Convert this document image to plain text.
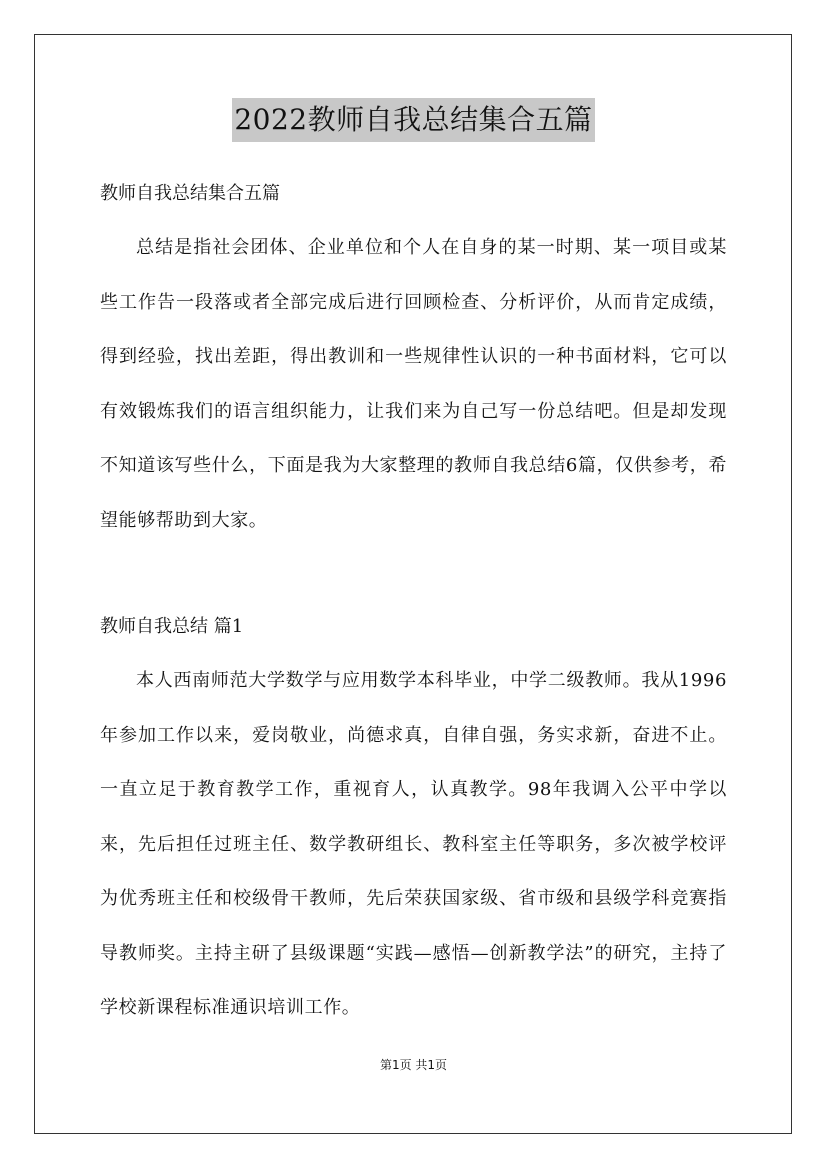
2022教师自我总结集合五篇
教师自我总结集合五篇

总结是指社会团体、企业单位和个人在自身的某一时期、某一项目或某些工作告一段落或者全部完成后进行回顾检查、分析评价，从而肯定成绩，得到经验，找出差距，得出教训和一些规律性认识的一种书面材料，它可以有效锻炼我们的语言组织能力，让我们来为自己写一份总结吧。但是却发现不知道该写些什么，下面是我为大家整理的教师自我总结6篇，仅供参考，希望能够帮助到大家。

教师自我总结 篇1

本人西南师范大学数学与应用数学本科毕业，中学二级教师。我从1996年参加工作以来，爱岗敬业，尚德求真，自律自强，务实求新，奋进不止。一直立足于教育教学工作，重视育人，认真教学。98年我调入公平中学以来，先后担任过班主任、数学教研组长、教科室主任等职务，多次被学校评为优秀班主任和校级骨干教师，先后荣获国家级、省市级和县级学科竞赛指导教师奖。主持主研了县级课题“实践—感悟—创新教学法”的研究，主持了学校新课程标准通识培训工作。

第1页 共1页
